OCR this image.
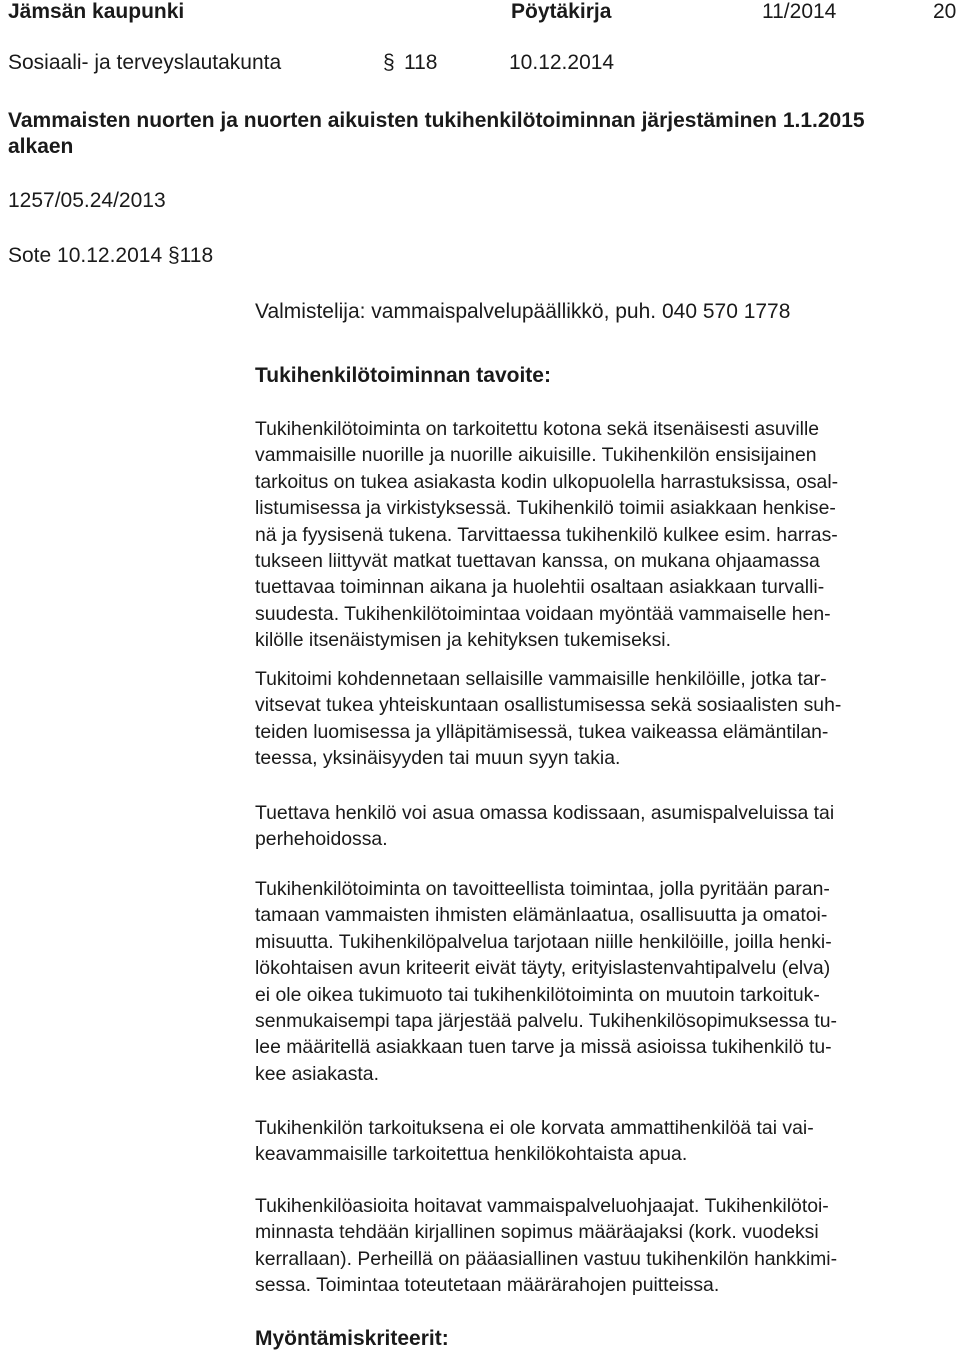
Jämsän kaupunki	Pöytäkirja	11/2014	20
Sosiaali- ja terveyslautakunta	§ 118	10.12.2014
Vammaisten nuorten ja nuorten aikuisten tukihenkilötoiminnan järjestäminen 1.1.2015
alkaen
1257/05.24/2013
Sote 10.12.2014 §118
Valmistelija: vammaispalvelupäällikkö, puh. 040 570 1778
Tukihenkilötoiminnan tavoite:
Tukihenkilötoiminta on tarkoitettu kotona sekä itsenäisesti asuville
vammaisille nuorille ja nuorille aikuisille. Tukihenkilön ensisijainen
tarkoitus on tukea asiakasta kodin ulkopuolella harrastuksissa, osal-
listumisessa ja virkistyksessä. Tukihenkilö toimii asiakkaan henkise-
nä ja fyysisenä tukena. Tarvittaessa tukihenkilö kulkee esim. harras-
tukseen liittyvät matkat tuettavan kanssa, on mukana ohjaamassa
tuettavaa toiminnan aikana ja huolehtii osaltaan asiakkaan turvalli-
suudesta. Tukihenkilötoimintaa voidaan myöntää vammaiselle hen-
kilölle itsenäistymisen ja kehityksen tukemiseksi.
Tukitoimi kohdennetaan sellaisille vammaisille henkilöille, jotka tar-
vitsevat tukea yhteiskuntaan osallistumisessa sekä sosiaalisten suh-
teiden luomisessa ja ylläpitämisessä, tukea vaikeassa elämäntilan-
teessa, yksinäisyyden tai muun syyn takia.
Tuettava henkilö voi asua omassa kodissaan, asumispalveluissa tai
perhehoidossa.
Tukihenkilötoiminta on tavoitteellista toimintaa, jolla pyritään paran-
tamaan vammaisten ihmisten elämänlaatua, osallisuutta ja omatoi-
misuutta. Tukihenkilöpalvelua tarjotaan niille henkilöille, joilla henki-
lökohtaisen avun kriteerit eivät täyty, erityislastenvahtipalvelu (elva)
ei ole oikea tukimuoto tai tukihenkilötoiminta on muutoin tarkoituk-
senmukaisempi tapa järjestää palvelu. Tukihenkilösopimuksessa tu-
lee määritellä asiakkaan tuen tarve ja missä asioissa tukihenkilö tu-
kee asiakasta.
Tukihenkilön tarkoituksena ei ole korvata ammattihenkilöä tai vai-
keavammaisille tarkoitettua henkilökohtaista apua.
Tukihenkilöasioita hoitavat vammaispalveluohjaajat. Tukihenkilötoi-
minnasta tehdään kirjallinen sopimus määräajaksi (kork. vuodeksi
kerrallaan). Perheillä on pääasiallinen vastuu tukihenkilön hankkimi-
sessa. Toimintaa toteutetaan määrärahojen puitteissa.
Myöntämiskriteerit:
